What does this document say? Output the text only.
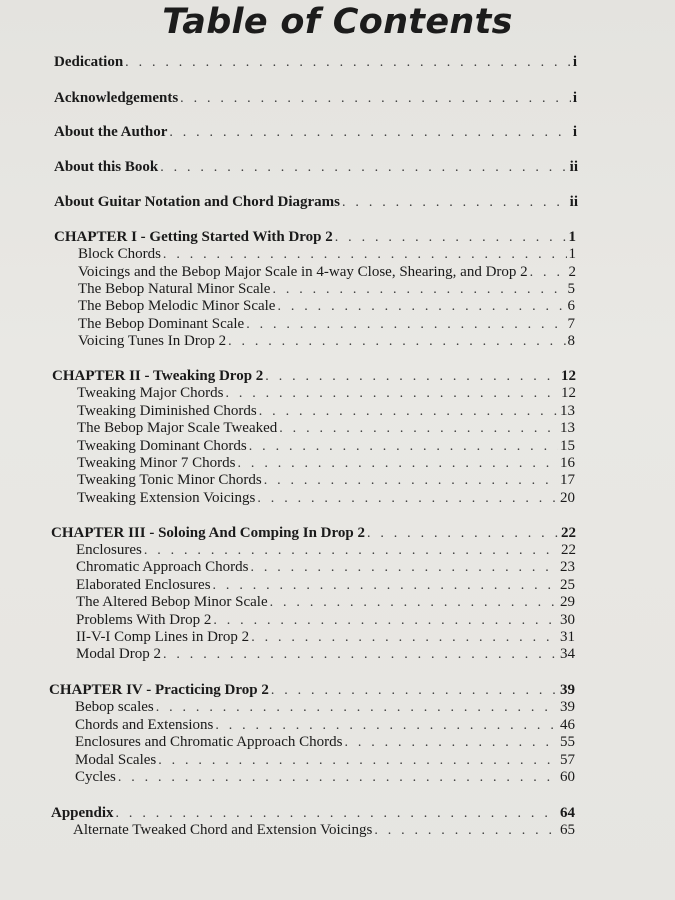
Table of Contents
Dedication . . .	i
Acknowledgements . . .	i
About the Author . . .	i
About this Book . . .	ii
About Guitar Notation and Chord Diagrams . . .	ii
CHAPTER I - Getting Started With Drop 2 . . .	1
Block Chords . . .	1
Voicings and the Bebop Major Scale in 4-way Close, Shearing, and Drop 2 . . .	2
The Bebop Natural Minor Scale . . .	5
The Bebop Melodic Minor Scale . . .	6
The Bebop Dominant Scale . . .	7
Voicing Tunes In Drop 2 . . .	8
CHAPTER II - Tweaking Drop 2 . . .	12
Tweaking Major Chords . . .	12
Tweaking Diminished Chords . . .	13
The Bebop Major Scale Tweaked . . .	13
Tweaking Dominant Chords . . .	15
Tweaking Minor 7 Chords . . .	16
Tweaking Tonic Minor Chords . . .	17
Tweaking Extension Voicings . . .	20
CHAPTER III - Soloing And Comping In Drop 2 . . .	22
Enclosures . . .	22
Chromatic Approach Chords . . .	23
Elaborated Enclosures . . .	25
The Altered Bebop Minor Scale . . .	29
Problems With Drop 2 . . .	30
II-V-I Comp Lines in Drop 2 . . .	31
Modal Drop 2 . . .	34
CHAPTER IV - Practicing Drop 2 . . .	39
Bebop scales . . .	39
Chords and Extensions . . .	46
Enclosures and Chromatic Approach Chords . . .	55
Modal Scales . . .	57
Cycles . . .	60
Appendix . . .	64
Alternate Tweaked Chord and Extension Voicings . . .	65
